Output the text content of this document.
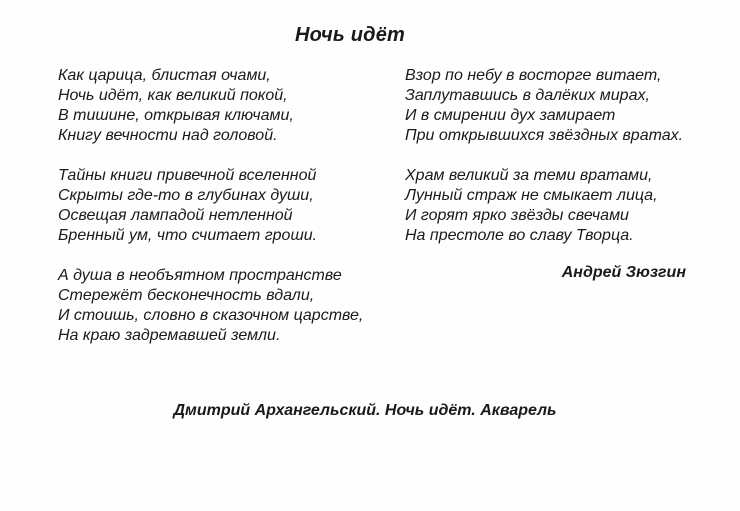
Ночь идёт
Как царица, блистая очами,
Ночь идёт, как великий покой,
В тишине, открывая ключами,
Книгу вечности над головой.
Тайны книги привечной вселенной
Скрыты где-то в глубинах души,
Освещая лампадой нетленной
Бренный ум, что считает гроши.
А душа в необъятном пространстве
Стережёт бесконечность вдали,
И стоишь, словно в сказочном царстве,
На краю задремавшей земли.
Взор по небу в восторге витает,
Заплутавшись в далёких мирах,
И в смирении дух замирает
При открывшихся звёздных вратах.
Храм великий за теми вратами,
Лунный страж не смыкает лица,
И горят ярко звёзды свечами
На престоле во славу Творца.
Андрей Зюзгин
Дмитрий Архангельский. Ночь идёт. Акварель
